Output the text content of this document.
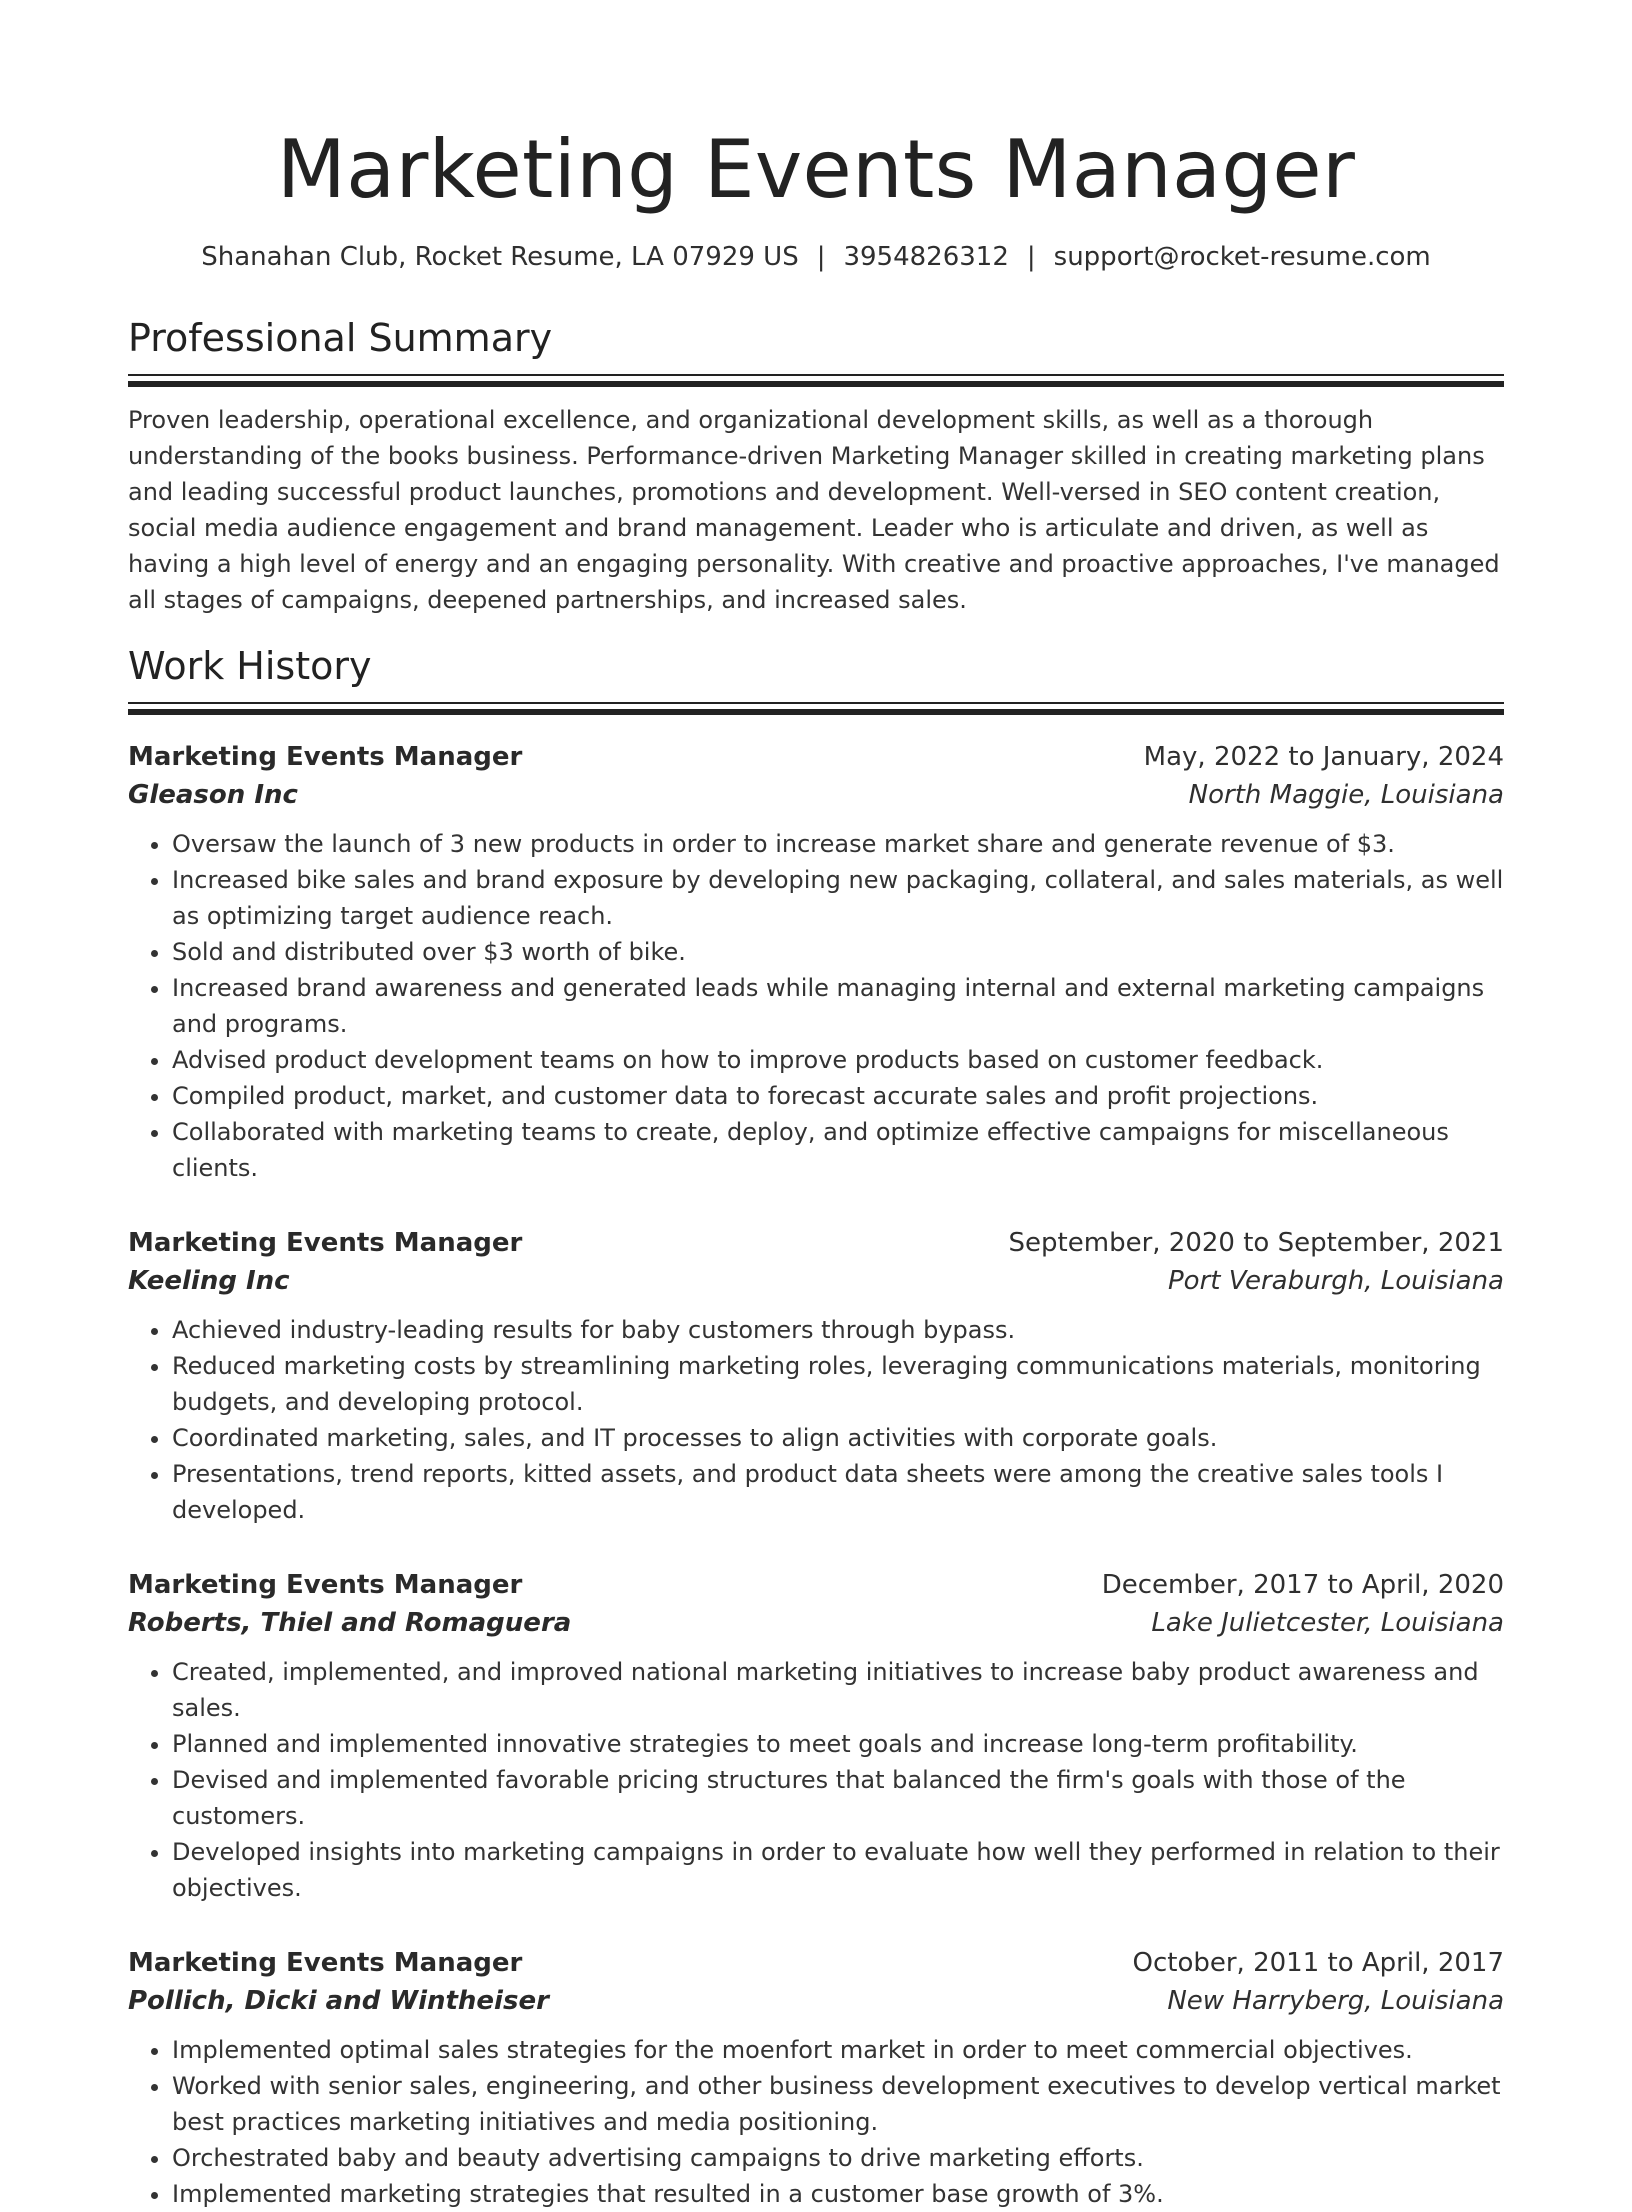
Marketing Events Manager
Shanahan Club, Rocket Resume, LA 07929 US | 3954826312 | support@rocket-resume.com
Professional Summary

Proven leadership, operational excellence, and organizational development skills, as well as a thorough understanding of the books business. Performance-driven Marketing Manager skilled in creating marketing plans and leading successful product launches, promotions and development. Well-versed in SEO content creation, social media audience engagement and brand management. Leader who is articulate and driven, as well as having a high level of energy and an engaging personality. With creative and proactive approaches, I've managed all stages of campaigns, deepened partnerships, and increased sales.

Work History
Marketing Events Manager	May, 2022 to January, 2024
Gleason Inc	North Maggie, Louisiana
• Oversaw the launch of 3 new products in order to increase market share and generate revenue of $3.
• Increased bike sales and brand exposure by developing new packaging, collateral, and sales materials, as well as optimizing target audience reach.
• Sold and distributed over $3 worth of bike.
• Increased brand awareness and generated leads while managing internal and external marketing campaigns and programs.
• Advised product development teams on how to improve products based on customer feedback.
• Compiled product, market, and customer data to forecast accurate sales and profit projections.
• Collaborated with marketing teams to create, deploy, and optimize effective campaigns for miscellaneous clients.
Marketing Events Manager	September, 2020 to September, 2021
Keeling Inc	Port Veraburgh, Louisiana
• Achieved industry-leading results for baby customers through bypass.
• Reduced marketing costs by streamlining marketing roles, leveraging communications materials, monitoring budgets, and developing protocol.
• Coordinated marketing, sales, and IT processes to align activities with corporate goals.
• Presentations, trend reports, kitted assets, and product data sheets were among the creative sales tools I developed.
Marketing Events Manager	December, 2017 to April, 2020
Roberts, Thiel and Romaguera	Lake Julietcester, Louisiana
• Created, implemented, and improved national marketing initiatives to increase baby product awareness and sales.
• Planned and implemented innovative strategies to meet goals and increase long-term profitability.
• Devised and implemented favorable pricing structures that balanced the firm's goals with those of the customers.
• Developed insights into marketing campaigns in order to evaluate how well they performed in relation to their objectives.
Marketing Events Manager	October, 2011 to April, 2017
Pollich, Dicki and Wintheiser	New Harryberg, Louisiana
• Implemented optimal sales strategies for the moenfort market in order to meet commercial objectives.
• Worked with senior sales, engineering, and other business development executives to develop vertical market best practices marketing initiatives and media positioning.
• Orchestrated baby and beauty advertising campaigns to drive marketing efforts.
• Implemented marketing strategies that resulted in a customer base growth of 3%.
